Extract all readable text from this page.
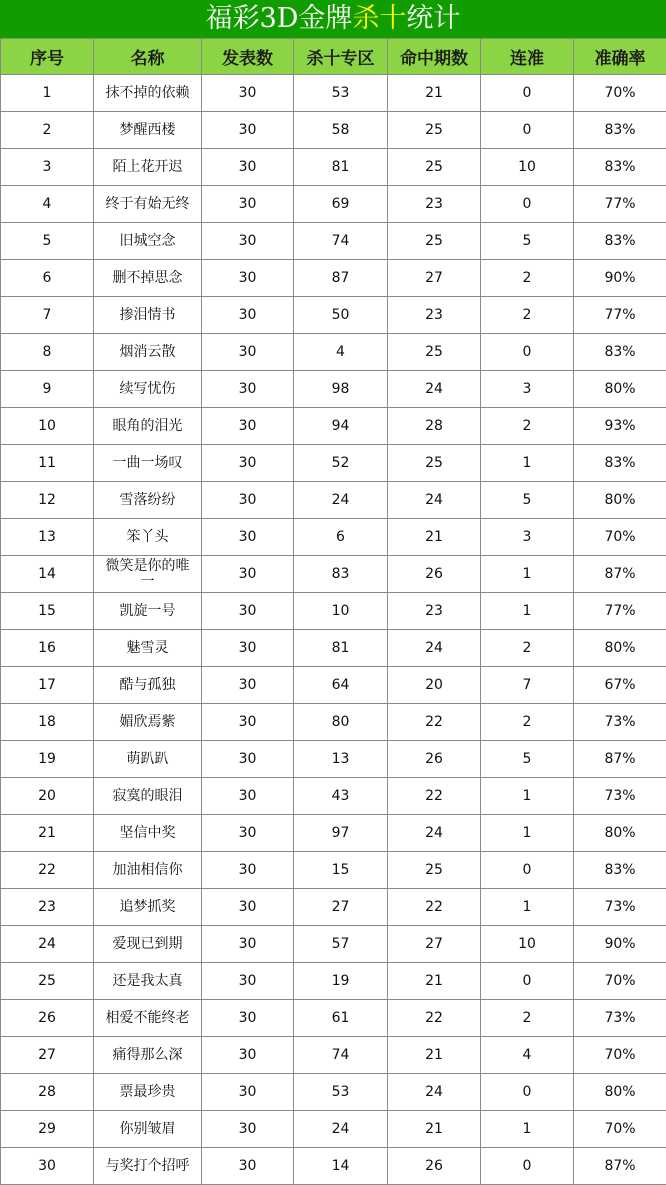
福彩3D金牌杀十统计
序号	名称	发表数	杀十专区	命中期数	连准	准确率
1	抹不掉的依赖	30	53	21	0	70%
2	梦醒西楼	30	58	25	0	83%
3	陌上花开迟	30	81	25	10	83%
4	终于有始无终	30	69	23	0	77%
5	旧城空念	30	74	25	5	83%
6	删不掉思念	30	87	27	2	90%
7	掺泪情书	30	50	23	2	77%
8	烟消云散	30	4	25	0	83%
9	续写忧伤	30	98	24	3	80%
10	眼角的泪光	30	94	28	2	93%
11	一曲一场叹	30	52	25	1	83%
12	雪落纷纷	30	24	24	5	80%
13	笨丫头	30	6	21	3	70%
14	微笑是你的唯一	30	83	26	1	87%
15	凯旋一号	30	10	23	1	77%
16	魅雪灵	30	81	24	2	80%
17	酷与孤独	30	64	20	7	67%
18	媚欣焉紫	30	80	22	2	73%
19	萌趴趴	30	13	26	5	87%
20	寂寞的眼泪	30	43	22	1	73%
21	坚信中奖	30	97	24	1	80%
22	加油相信你	30	15	25	0	83%
23	追梦抓奖	30	27	22	1	73%
24	爱现已到期	30	57	27	10	90%
25	还是我太真	30	19	21	0	70%
26	相爱不能终老	30	61	22	2	73%
27	痛得那么深	30	74	21	4	70%
28	票最珍贵	30	53	24	0	80%
29	你别皱眉	30	24	21	1	70%
30	与奖打个招呼	30	14	26	0	87%
